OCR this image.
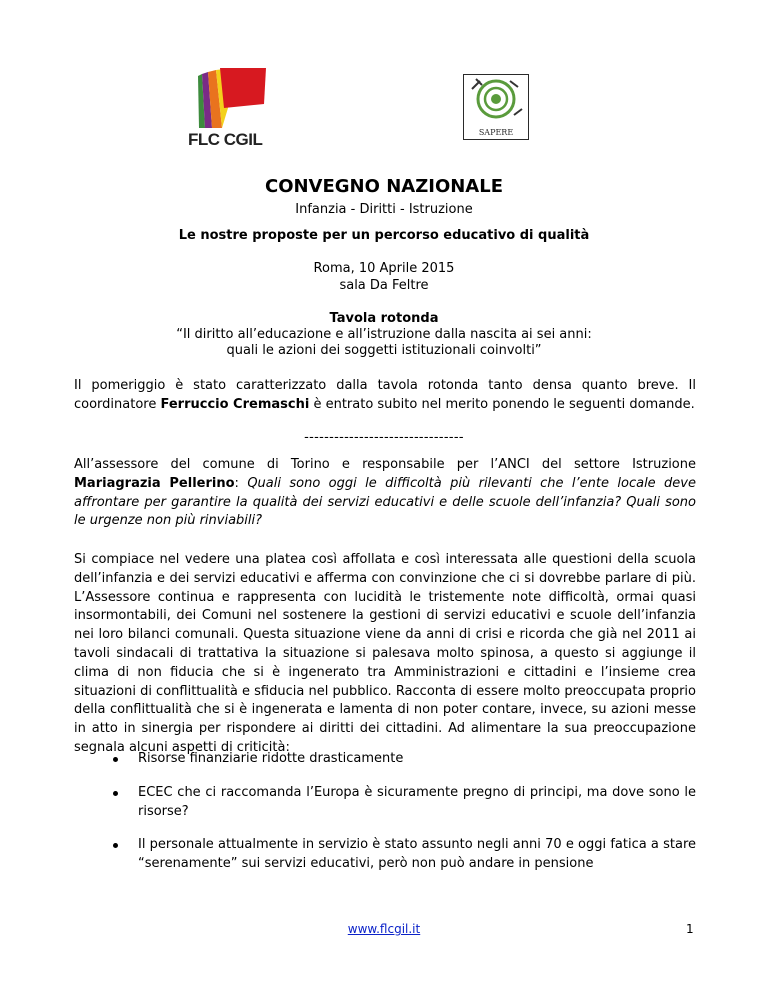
FLC CGIL	SAPERE
CONVEGNO NAZIONALE
Infanzia - Diritti - Istruzione
Le nostre proposte per un percorso educativo di qualità
Roma, 10 Aprile 2015
sala Da Feltre
Tavola rotonda
“Il diritto all’educazione e all’istruzione dalla nascita ai sei anni:
quali le azioni dei soggetti istituzionali coinvolti”

Il pomeriggio è stato caratterizzato dalla tavola rotonda tanto densa quanto breve. Il coordinatore Ferruccio Cremaschi è entrato subito nel merito ponendo le seguenti domande.

--------------------------------

All’assessore del comune di Torino e responsabile per l’ANCI del settore Istruzione Mariagrazia Pellerino: Quali sono oggi le difficoltà più rilevanti che l’ente locale deve affrontare per garantire la qualità dei servizi educativi e delle scuole dell’infanzia? Quali sono le urgenze non più rinviabili?

Si compiace nel vedere una platea così affollata e così interessata alle questioni della scuola dell’infanzia e dei servizi educativi e afferma con convinzione che ci si dovrebbe parlare di più. L’Assessore continua e rappresenta con lucidità le tristemente note difficoltà, ormai quasi insormontabili, dei Comuni nel sostenere la gestioni di servizi educativi e scuole dell’infanzia nei loro bilanci comunali. Questa situazione viene da anni di crisi e ricorda che già nel 2011 ai tavoli sindacali di trattativa la situazione si palesava molto spinosa, a questo si aggiunge il clima di non fiducia che si è ingenerato tra Amministrazioni e cittadini e l’insieme crea situazioni di conflittualità e sfiducia nel pubblico. Racconta di essere molto preoccupata proprio della conflittualità che si è ingenerata e lamenta di non poter contare, invece, su azioni messe in atto in sinergia per rispondere ai diritti dei cittadini. Ad alimentare la sua preoccupazione segnala alcuni aspetti di criticità:

Risorse finanziarie ridotte drasticamente
ECEC che ci raccomanda l’Europa è sicuramente pregno di principi, ma dove sono le risorse?
Il personale attualmente in servizio è stato assunto negli anni 70 e oggi fatica a stare “serenamente” sui servizi educativi, però non può andare in pensione
www.flcgil.it	1
